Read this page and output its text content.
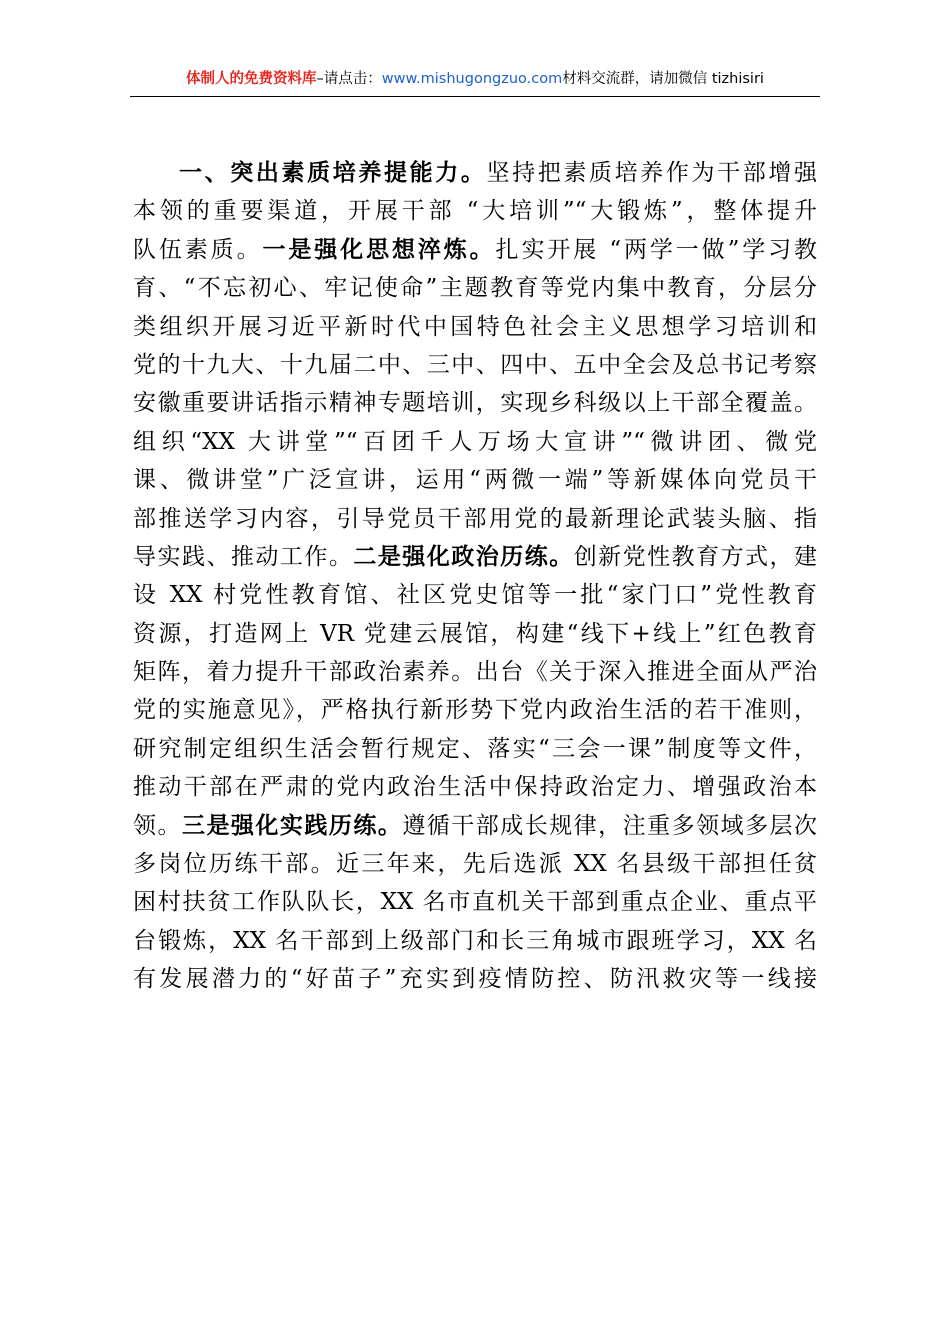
体制人的免费资料库–请点击：www.mishugongzuo.com材料交流群，请加微信 tizhisiri
一、突出素质培养提能力。坚持把素质培养作为干部增强
本领的重要渠道，开展干部 “大培训”“大锻炼”，整体提升
队伍素质。一是强化思想淬炼。扎实开展 “两学一做”学习教
育、“不忘初心、牢记使命”主题教育等党内集中教育，分层分
类组织开展习近平新时代中国特色社会主义思想学习培训和
党的十九大、十九届二中、三中、四中、五中全会及总书记考察
安徽重要讲话指示精神专题培训，实现乡科级以上干部全覆盖。
组织“XX 大讲堂”“百团千人万场大宣讲”“微讲团、微党
课、微讲堂”广泛宣讲，运用“两微一端”等新媒体向党员干
部推送学习内容，引导党员干部用党的最新理论武装头脑、指
导实践、推动工作。二是强化政治历练。创新党性教育方式，建
设 XX 村党性教育馆、社区党史馆等一批“家门口”党性教育
资源，打造网上 VR 党建云展馆，构建“线下+线上”红色教育
矩阵，着力提升干部政治素养。出台《关于深入推进全面从严治
党的实施意见》，严格执行新形势下党内政治生活的若干准则，
研究制定组织生活会暂行规定、落实“三会一课”制度等文件，
推动干部在严肃的党内政治生活中保持政治定力、增强政治本
领。三是强化实践历练。遵循干部成长规律，注重多领域多层次
多岗位历练干部。近三年来，先后选派 XX 名县级干部担任贫
困村扶贫工作队队长，XX 名市直机关干部到重点企业、重点平
台锻炼，XX 名干部到上级部门和长三角城市跟班学习，XX 名
有发展潜力的“好苗子”充实到疫情防控、防汛救灾等一线接
